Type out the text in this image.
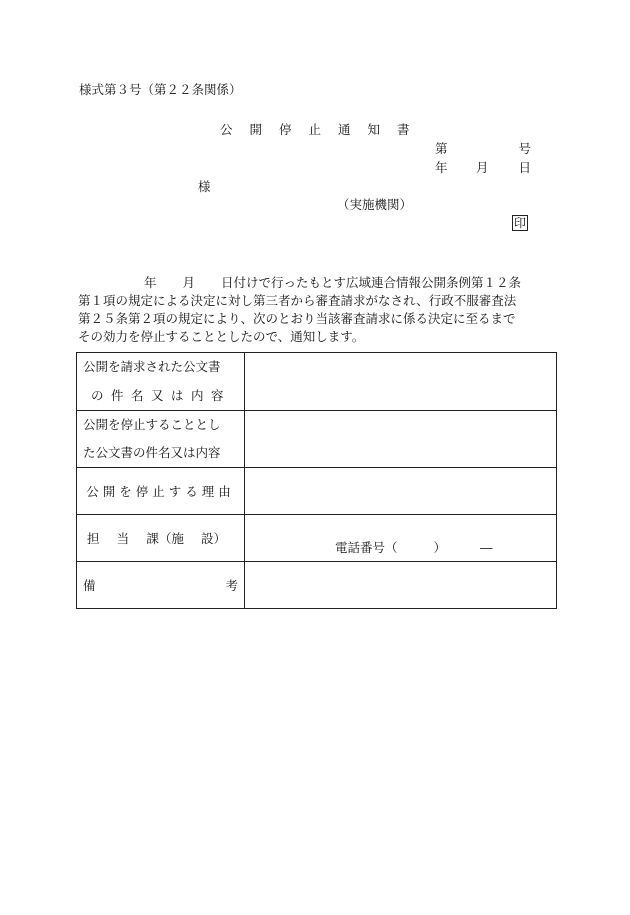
様式第３号（第２２条関係）
公開停止通知書
第	号
年 月 日
様
（実施機関）
印
年 月 日付けで行ったもとす広域連合情報公開条例第１２条
第１項の規定による決定に対し第三者から審査請求がなされ、行政不服審査法
第２５条第２項の規定により、次のとおり当該審査請求に係る決定に至るまで
その効力を停止することとしたので、通知します。
公開を請求された公文書
の件名又は内容	

公開を停止することとし
た公文書の件名又は内容	

公開を停止する理由	

担 当 課（施 設）	電話番号（ ） ―

備 考	
